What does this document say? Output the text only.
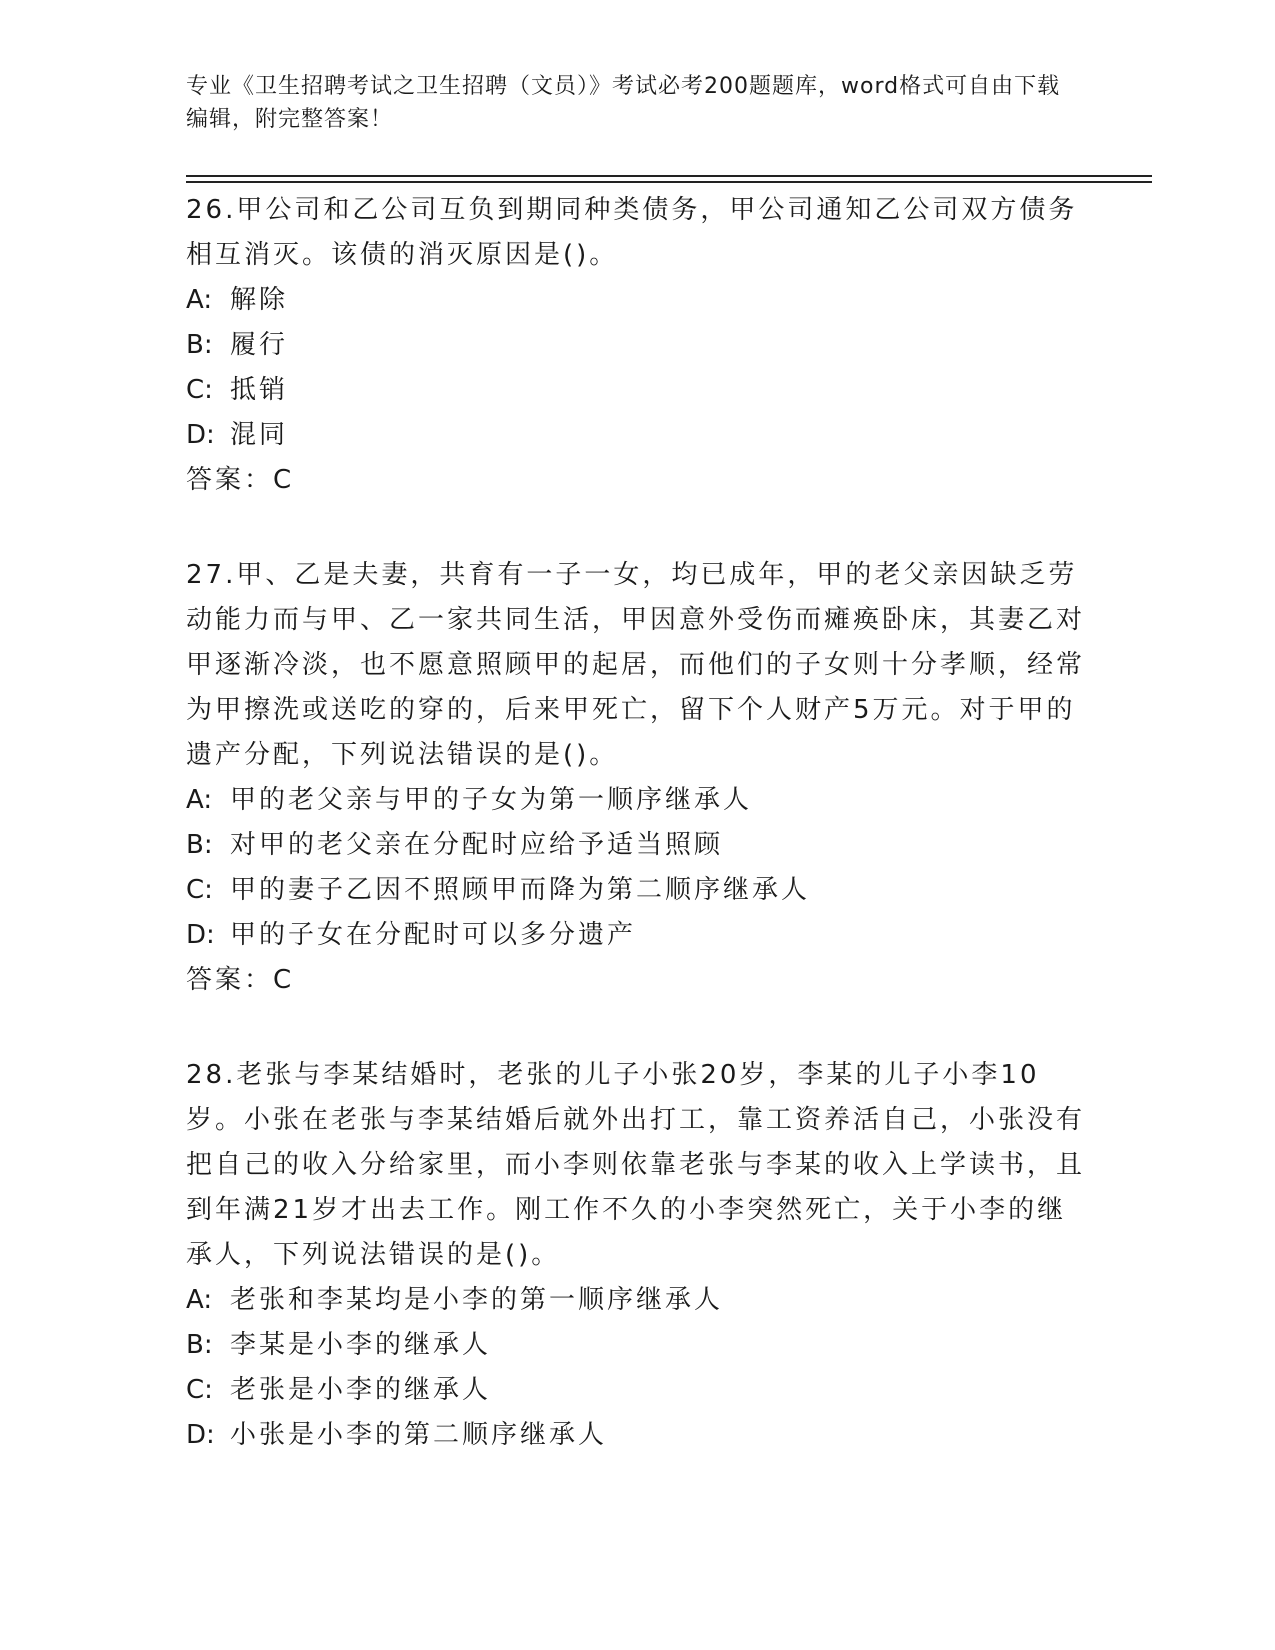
专业《卫生招聘考试之卫生招聘（文员）》考试必考200题题库，word格式可自由下载编辑，附完整答案！

26.甲公司和乙公司互负到期同种类债务，甲公司通知乙公司双方债务相互消灭。该债的消灭原因是()。

A: 解除

B: 履行

C: 抵销

D: 混同

答案：C

27.甲、乙是夫妻，共育有一子一女，均已成年，甲的老父亲因缺乏劳动能力而与甲、乙一家共同生活，甲因意外受伤而瘫痪卧床，其妻乙对甲逐渐冷淡，也不愿意照顾甲的起居，而他们的子女则十分孝顺，经常为甲擦洗或送吃的穿的，后来甲死亡，留下个人财产5万元。对于甲的遗产分配，下列说法错误的是()。

A: 甲的老父亲与甲的子女为第一顺序继承人

B: 对甲的老父亲在分配时应给予适当照顾

C: 甲的妻子乙因不照顾甲而降为第二顺序继承人

D: 甲的子女在分配时可以多分遗产

答案：C

28.老张与李某结婚时，老张的儿子小张20岁，李某的儿子小李10岁。小张在老张与李某结婚后就外出打工，靠工资养活自己，小张没有把自己的收入分给家里，而小李则依靠老张与李某的收入上学读书，且到年满21岁才出去工作。刚工作不久的小李突然死亡，关于小李的继承人，下列说法错误的是()。

A: 老张和李某均是小李的第一顺序继承人

B: 李某是小李的继承人

C: 老张是小李的继承人

D: 小张是小李的第二顺序继承人
